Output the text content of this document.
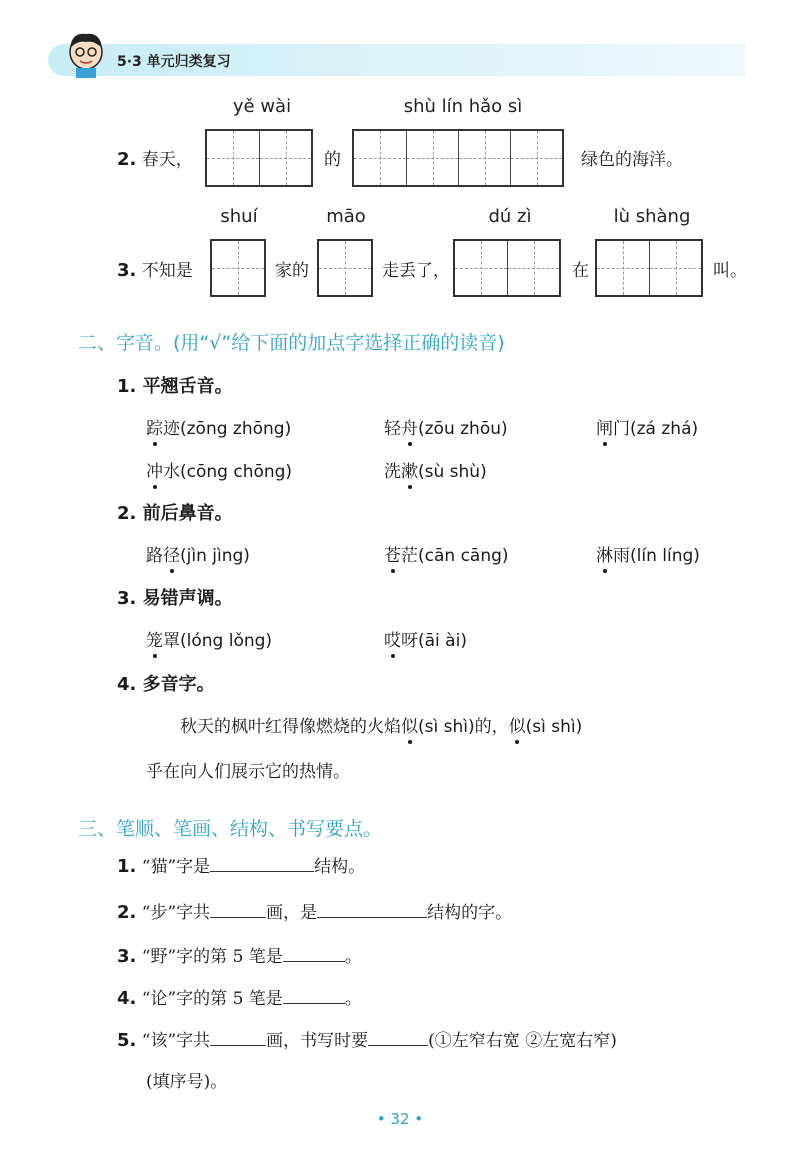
5·3 单元归类复习
yě wài	shù lín hǎo sì
2. 春天，	的	绿色的海洋。
shuí	māo	dú zì	lù shàng
3. 不知是	家的	走丢了，	在	叫。
二、字音。(用“√”给下面的加点字选择正确的读音)
1. 平翘舌音。
踪迹(zōng zhōng)	轻舟(zōu zhōu)	闸门(zá zhá)
冲水(cōng chōng)	洗漱(sù shù)
2. 前后鼻音。
路径(jìn jìng)	苍茫(cān cāng)	淋雨(lín líng)
3. 易错声调。
笼罩(lóng lǒng)	哎呀(āi ài)
4. 多音字。
秋天的枫叶红得像燃烧的火焰似(sì shì)的，似(sì shì)
乎在向人们展示它的热情。
三、笔顺、笔画、结构、书写要点。
1. “猫”字是	结构。
2. “步”字共	画，是	结构的字。
3. “野”字的第 5 笔是	。
4. “论”字的第 5 笔是	。
5. “该”字共	画，书写时要	(①左窄右宽 ②左宽右窄)
(填序号)。
• 32 •
